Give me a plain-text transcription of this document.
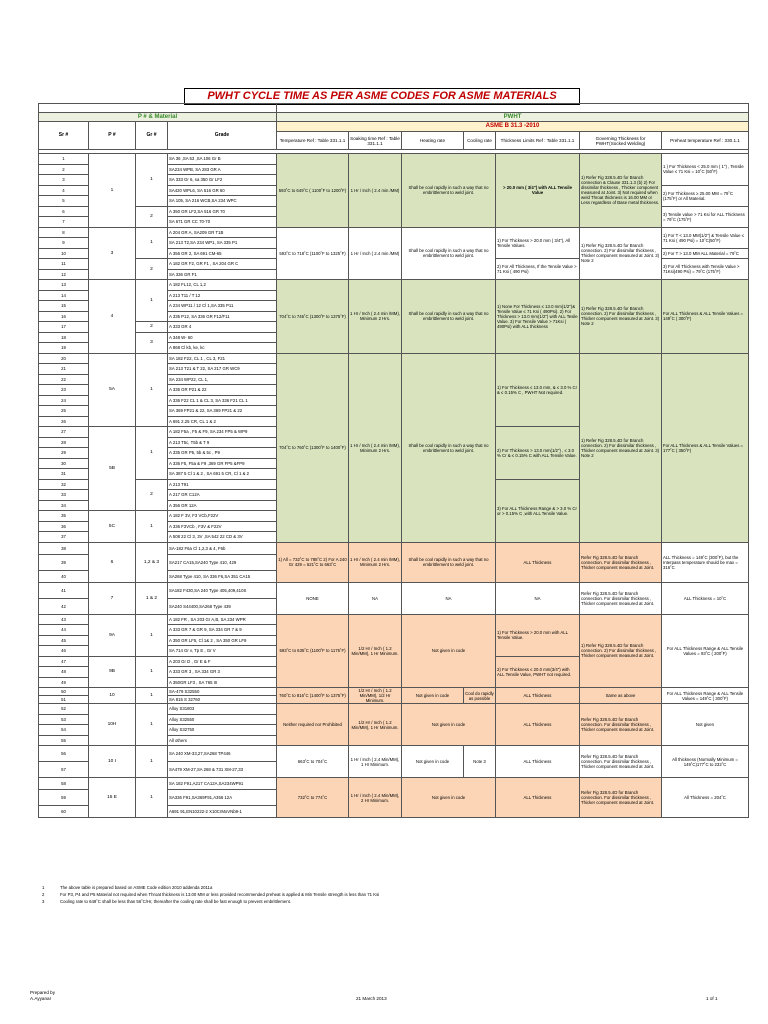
PWHT CYCLE TIME AS PER ASME CODES FOR ASME MATERIALS

P # & Material				PWHT						
Sr #	P #	Gr #	Grade	ASME B 31.3 -2010						
				Temperature Ref : Table 331.1.1	Soaking time Ref : Table 331.1.1	Heating rate	Cooling rate	Thickness Limits Ref : Table 331.1.1	Governing Thickness for PWHT(Socked Welding)	Preheat temperature Ref : 330.1.1

1	1	1	SA 36 ,SA 53 ,SA 106 Gr B	593˚C to 649˚C ( 1100˚F to 1200˚F)	1 Hr / Inch ( 2.4 min /MM)	Shall be cool rapidly in such a way that no embrittlement to weld joint.		> 20.0 mm ( 3/4") with ALL Tensile Value	1) Refer Fig 328.5.4D for Branch connection & Clause 331.1.3 (b) 2) For dissimilar thickness , Thicker component measured at Joint. 3) Not required when weld Throat thickness is 16.00 MM or Less regardless of Base metal thickness.	1 ) For Thickness < 25.0 mm ( 1") , Tensile Value ≤ 71 Ksi = 10˚C (50˚F)
2			SA234 WPB, SA 283 GR A							
3			SA 333 Gr 6, sa 350 Gr LF2							
4			SA420 WPL6, SA 516 GR 60							2) For Thickness ≥ 25.00 MM = 79˚C (175˚F) or All Material.
5			SA 105, SA 216 WCB,SA 234 WPC							
6		2	A 350 GR LF2,SA 516 GR 70							3) Tensile value > 71 Ksi for ALL Thickness = 79˚C (175˚F)
7			SA 671 GR CC 70-70							
8	3	1	A 204 GR A, SA209 GR T1B	593˚C to 718˚C (1100˚F to 1325˚F)	1 Hr / Inch ( 2.4 min /MM)	Shall be cool rapidly in such a way that no embrittlement to weld joint.		1) For Thickness > 20.0 mm ( 3/4"), All Tensile Values.	1) Refer Fig 328.5.4D for Branch connection. 2) For dissimilar thickness , Thicker component measured at Joint. 3) Note 2	1) For T < 13.0 MM(1/2") & Tensile Value ≤ 71 Ksi ( 490 Psi) = 10˚C(50˚F)
9			SA 213 T2,SA 234 WP1, SA 335 P1							
10			A 356 GR 2, SA 691 CM-65							2) For T > 13.0 MM ALL Material = 79˚C
11		2	A 182 GR F2, GR F1 , SA 204 GR C					2) For All Thickness, If the Tensile Value > 71 Ksi ( 490 Psi)		3) For All Thickness with Tensile Value > 71Ksi(490 Psi) = 79˚C (175˚F)
12			SA 336 GR F1							
13	4	1	A 182 FL12, CL 1,2	704˚C to 746˚C (1300˚F to 1375˚F)	1 Hr / Inch ( 2.4 min /MM), Minimum 2 Hrs.	Shall be cool rapidly in such a way that no embrittlement to weld joint.		1) None For Thickness ≤ 13.0 mm(1/2")& Tensile Value ≤ 71 Ksi ( 490Psi). 2) For Thickness > 13.0 mm(1/2") with ALL Tesile Value. 3) For Tensile Value > 71Ksi ( 490Psi) with ALL thickness	1) Refer Fig 328.5.4D for Branch connection. 2) For dissimilar thickness , Thicker component measured at Joint. 3) Note 2	For ALL Thickness & ALL Tensile Values = 149˚C ( 300˚F)
14			A 213 T11 / T 12							
15			A 234 WP11 / 12 Cl 1,SA 335 P11							
16			A 335 P12, SA 336 GR F12/F11							
17		2	A 333 GR 4							
18		3	A 348 W- 60							
19			A 868 Cl kb, ke, kc							
20	5A	1	SA 182 F22, CL 1 , CL 3, F21	704˚C to 760˚C (1300˚F to 1400˚F)	1 Hr / Inch ( 2.4 min /MM), Minimum 2 Hrs.	Shall be cool rapidly in such a way that no embrittlement to weld joint.		1) For Thickness ≤ 13.0 mm, & ≤ 3.0 % Cr & ≤ 0.15% C , PWHT Not required.	1) Refer Fig 328.5.4D for Branch connection. 2) For dissimilar thickness , Thicker component measured at Joint. 3) Note 2	For ALL Thickness & ALL Tensile Values = 177˚C ( 350˚F)
21			SA 213 T21 & T 22, SA 217 GR WC9							
22			SA 234 WP22, CL 1,							
23			A 335 GR P21 & 22							
24			A 336 F22 CL 1 & CL 3, SA 336 F21 CL 1							
25			SA 369 FP21 & 22, SA 369 FP21 & 22							
26			A 691 2.25 CR, CL 1 & 2							
27	5B	1	A 182 F5a , F5 & F9, SA 234 FP5 & WP9					2) For Thickness > 13.0 mm(1/2") , ≤ 3.0 % Cr & ≤ 0.15% C with ALL Tensile Value.		
28			A 213 T5c, T5b & T 9							
29			A 335 GR P5, 5b & 5c , P9							
30			A 336 F5, F5a & F9 ,369 GR FP5 &FP9							
31			SA 387 5 Cl 1 & 2 , SA 691 5 CR, Cl 1 & 2							
32		2	A 213 T91					3) For ALL Thickness Range & > 3.0 % Cr or > 0.15% C ,with ALL Tensile Value.		
33			A 217 GR C12A							
34			A 356 GR 12A							
35	5C	1	A 182 F 3V, F3 VCb,F22V							
36			A 336 F3VCb , F3V & F22V							
37			A 508 22 Cl 3, 3V ,SA 542 22 CD & 3V							
38	6	1,2 & 3	SA-182 F6a Cl 1,2,3 & 4, F6b	1) All = 732˚C to 788˚C 2) For A 240 Gr 429 = 621˚C to 663˚C	1 Hr / Inch ( 2.4 min /MM), Minimum 2 Hrs.	Shall be cool rapidly in such a way that no embrittlement to weld joint.		ALL Thickness	Refer Fig 328.5.4D for Branch connection. For dissimilar thickness , Thicker component measured at Joint.	ALL Thickness = 149˚C (300˚F), but the Interpass temperature should be max = 316˚C
39			SA217 CA15,SA240 Type 410, 429							
40			SA268 Type 410, SA 336 F6,SA 351 CA15							
41	7	1 & 2	SA182 F430,SA 240 Type 405,409,410S	NONE	NA	NA		NA	Refer Fig 328.5.4D for Branch connection. For dissimilar thickness , Thicker component measured at Joint.	ALL Thickness = 10˚C
42			SA240 S44400,SA268 Type 439							
43	9A	1	A 182 FR , SA 203 Gr A,B, SA 234 WPR	593˚C to 635˚C (1100˚F to 1175˚F)	1/2 Hr / Inch ( 1.2 Min/MM), 1 Hr Minimum.	Not given in code		1) For Thickness > 20.0 mm with ALL Tensile Value.	1) Refer Fig 328.5.4D for Branch connection. 2) For dissimilar thickness , Thicker component measured at Joint.	For ALL Thickness Range & ALL Tensile Values = 93˚C ( 200˚F)
44			A 333 GR 7 & GR 9, SA 334 GR 7 & 9							
45			A 350 GR LF5, Cl 1& 2 , SA 350 GR LF9							
46			SA 714 Gr v, Tp E , Gr V							
47	9B	1	A 203 Gr D , Gr E & F					2) For Thickness ≤ 20.0 mm(3/4") with ALL Tensile Value, PWHT not required.		
48			A 333 GR 3 , SA 334 GR 3							
49			A 350GR LF3 , SA 765 III							
50	10	1	SA-479 S32550	760˚C to 816˚C (1400˚F to 1375˚F)	1/2 Hr / Inch ( 1.2 Min/MM), 1/2 Hr Minimum.	Not given in code	Cool do rapidly as possible	ALL Thickness	Same as above	For ALL Thickness Range & ALL Tensile Values = 149˚C ( 300˚F)
51			SA 815 S 32760							
52	10H	1	Alloy S31803	Neither required nor Prohibited	1/2 Hr / Inch ( 1.2 Min/MM), 1 Hr Minimum.	Not given in code		ALL Thickness	Refer Fig 328.5.4D for Branch connection. For dissimilar thickness , Thicker component measured at Joint.	Not given
53			Alloy S32550							
54			Alloy S32750							
55			All others							
56	10 I	1	SA 240 XM-33,27,SA268 TP446	663˚C to 704˚C	1 Hr / Inch ( 2.4 Min/MM), 1 Hr Minimum.	Not given in code	Note 3	ALL Thickness	Refer Fig 328.5.4D for Branch connection. For dissimilar thickness , Thicker component measured at Joint.	All thickness (Normally Minimum = 149˚C)177˚C to 232˚C
57			SA479 XM-27,SA 268 & 731 XM-27,33							
58	15 E	1	SA 182 F91,A217 CA12A,SA234WP91	732˚C to 774˚C	1 Hr / Inch ( 2.4 Min/MM), 2 Hr Minimum.	Not given in code		ALL Thickness	Refer Fig 328.5.4D for Branch connection. For dissimilar thickness , Thicker component measured at Joint.	All Thickness = 204˚C
59			SA336 F91,SA369F91,A356 12A							
60			A691 91,EN10222-2 X10CrMoVNb9-1							
1	The above table is prepared based on ASME Code edition 2010 addenda 2011a
2	For P3, P4 and P5 Material not required when Throat thickness is 13.00 MM or less provided recommended preheat is applied & Min Tensile strength is less than 71 Ksi
3	Cooling rate to 649˚C shall be less than 56˚C/Hr, thereafter the cooling rate shall be fast enough to prevent embrittlement.
Prepared by
A.Ayyanar	21 March 2013	1 of 1
